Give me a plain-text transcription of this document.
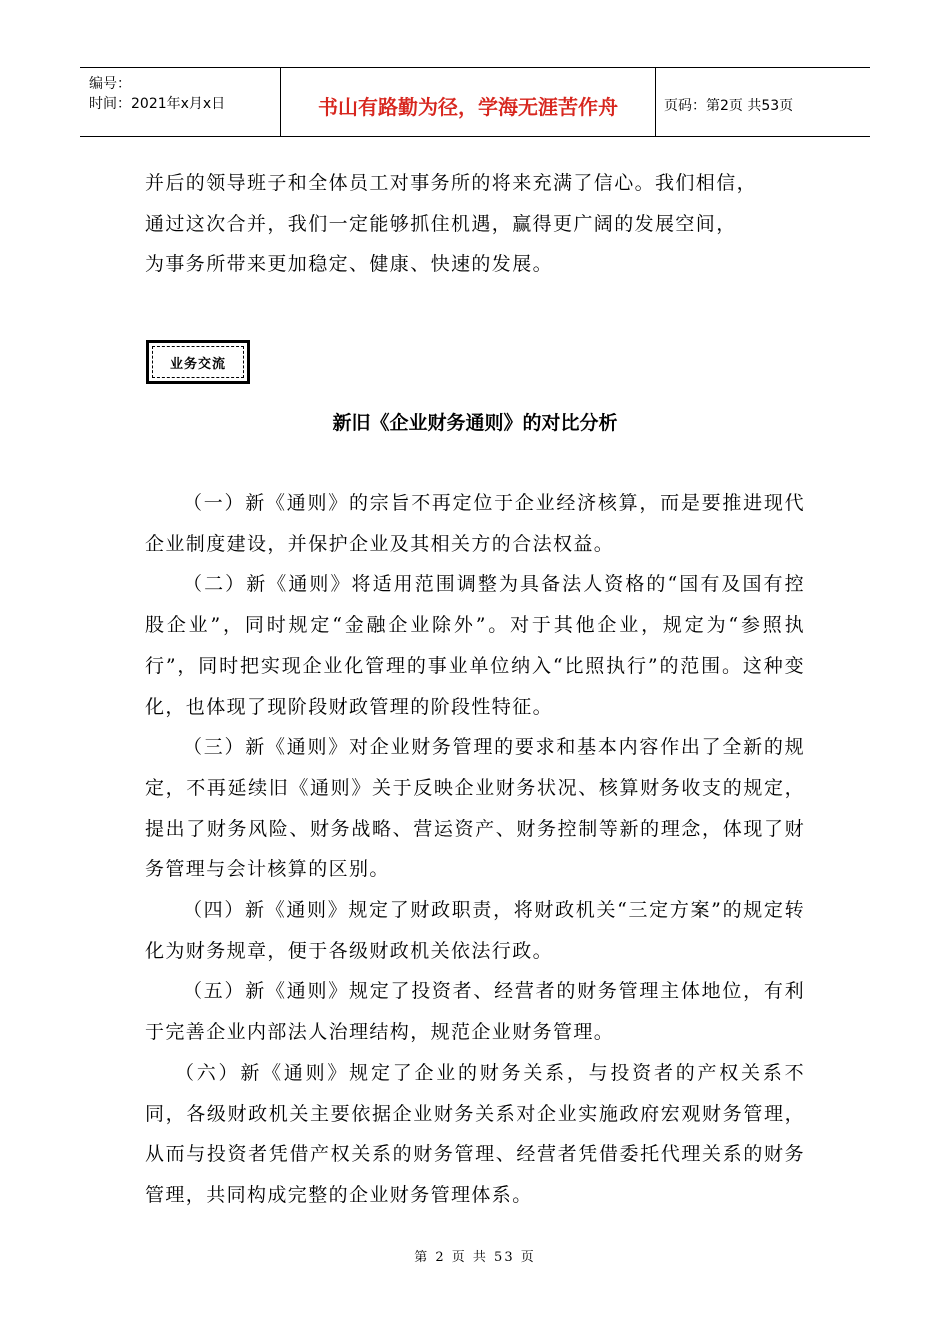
编号：
时间：2021年x月x日	书山有路勤为径，学海无涯苦作舟	页码：第2页 共53页

并后的领导班子和全体员工对事务所的将来充满了信心。我们相信，

通过这次合并，我们一定能够抓住机遇，赢得更广阔的发展空间，

为事务所带来更加稳定、健康、快速的发展。

业务交流
新旧《企业财务通则》的对比分析

（一）新《通则》的宗旨不再定位于企业经济核算，而是要推进现代企业制度建设，并保护企业及其相关方的合法权益。

（二）新《通则》将适用范围调整为具备法人资格的“国有及国有控股企业”，同时规定“金融企业除外”。对于其他企业，规定为“参照执行”，同时把实现企业化管理的事业单位纳入“比照执行”的范围。这种变化，也体现了现阶段财政管理的阶段性特征。

（三）新《通则》对企业财务管理的要求和基本内容作出了全新的规定，不再延续旧《通则》关于反映企业财务状况、核算财务收支的规定，提出了财务风险、财务战略、营运资产、财务控制等新的理念，体现了财务管理与会计核算的区别。

（四）新《通则》规定了财政职责，将财政机关“三定方案”的规定转化为财务规章，便于各级财政机关依法行政。

（五）新《通则》规定了投资者、经营者的财务管理主体地位，有利于完善企业内部法人治理结构，规范企业财务管理。

（六）新《通则》规定了企业的财务关系，与投资者的产权关系不同，各级财政机关主要依据企业财务关系对企业实施政府宏观财务管理，从而与投资者凭借产权关系的财务管理、经营者凭借委托代理关系的财务管理，共同构成完整的企业财务管理体系。

第 2 页 共 53 页
